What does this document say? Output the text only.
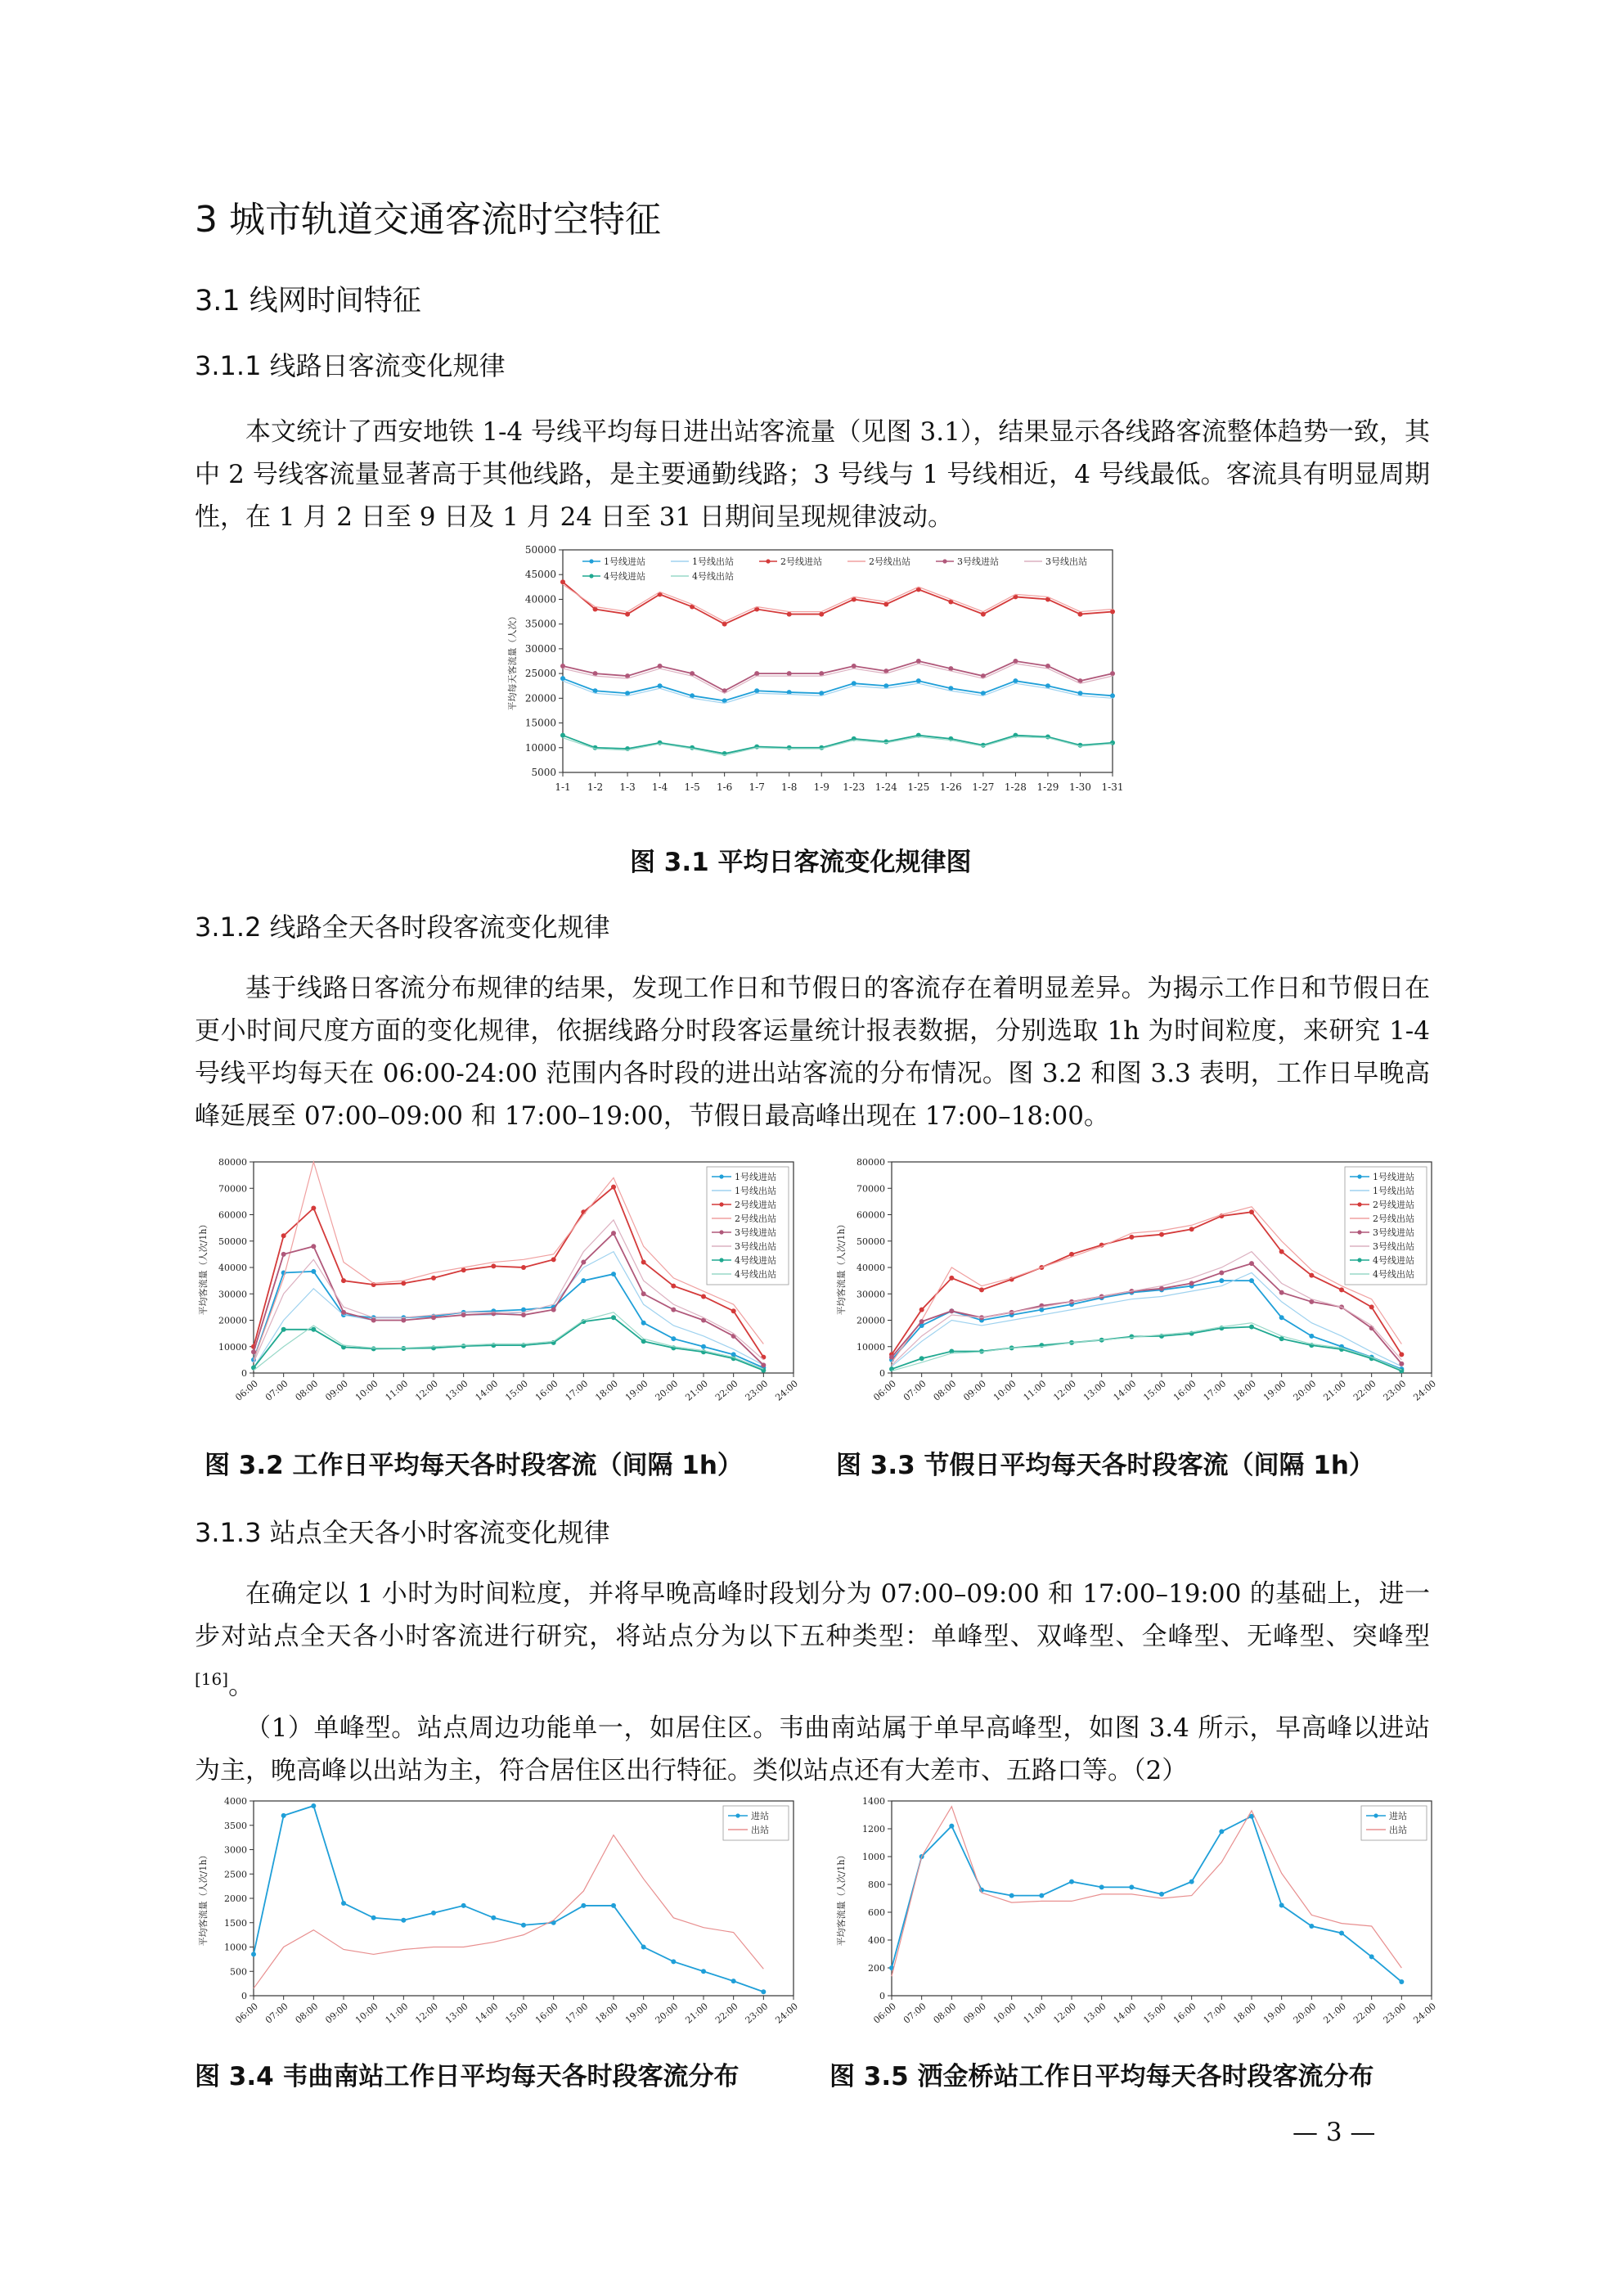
3 城市轨道交通客流时空特征
3.1 线网时间特征
3.1.1 线路日客流变化规律

本文统计了西安地铁 1-4 号线平均每日进出站客流量（见图 3.1），结果显示各线路客流整体趋势一致，其中 2 号线客流量显著高于其他线路，是主要通勤线路；3 号线与 1 号线相近，4 号线最低。客流具有明显周期性，在 1 月 2 日至 9 日及 1 月 24 日至 31 日期间呈现规律波动。

5000
10000
15000
20000
25000
30000
35000
40000
45000
50000
平均每天客流量（人次）
1-1 1-2 1-3 1-4 1-5 1-6 1-7 1-8 1-9 1-23 1-24 1-25 1-26 1-27 1-28 1-29 1-30 1-31
1号线进站	1号线出站	2号线进站	2号线出站	3号线进站	3号线出站
4号线进站	4号线出站
图 3.1 平均日客流变化规律图
3.1.2 线路全天各时段客流变化规律

基于线路日客流分布规律的结果，发现工作日和节假日的客流存在着明显差异。为揭示工作日和节假日在更小时间尺度方面的变化规律，依据线路分时段客运量统计报表数据，分别选取 1h 为时间粒度，来研究 1-4 号线平均每天在 06:00-24:00 范围内各时段的进出站客流的分布情况。图 3.2 和图 3.3 表明，工作日早晚高峰延展至 07:00–09:00 和 17:00–19:00，节假日最高峰出现在 17:00–18:00。

0
10000
20000
30000
40000
50000
60000
70000
80000
平均客流量（人次/1h）
06:00 07:00 08:00 09:00 10:00 11:00 12:00 13:00 14:00 15:00 16:00 17:00 18:00 19:00 20:00 21:00 22:00 23:00 24:00
1号线进站
1号线出站
2号线进站
2号线出站
3号线进站
3号线出站
4号线进站
4号线出站
0
10000
20000
30000
40000
50000
60000
70000
80000
平均客流量（人次/1h）
06:00 07:00 08:00 09:00 10:00 11:00 12:00 13:00 14:00 15:00 16:00 17:00 18:00 19:00 20:00 21:00 22:00 23:00 24:00
1号线进站
1号线出站
2号线进站
2号线出站
3号线进站
3号线出站
4号线进站
4号线出站
图 3.2 工作日平均每天各时段客流（间隔 1h）	图 3.3 节假日平均每天各时段客流（间隔 1h）
3.1.3 站点全天各小时客流变化规律

在确定以 1 小时为时间粒度，并将早晚高峰时段划分为 07:00–09:00 和 17:00–19:00 的基础上，进一步对站点全天各小时客流进行研究，将站点分为以下五种类型：单峰型、双峰型、全峰型、无峰型、突峰型[16]。

（1）单峰型。站点周边功能单一，如居住区。韦曲南站属于单早高峰型，如图 3.4 所示，早高峰以进站为主，晚高峰以出站为主，符合居住区出行特征。类似站点还有大差市、五路口等。（2）

0
500
1000
1500
2000
2500
3000
3500
4000
平均客流量（人次/1h）
06:00 07:00 08:00 09:00 10:00 11:00 12:00 13:00 14:00 15:00 16:00 17:00 18:00 19:00 20:00 21:00 22:00 23:00 24:00
进站
出站
0
200
400
600
800
1000
1200
1400
平均客流量（人次/1h）
06:00 07:00 08:00 09:00 10:00 11:00 12:00 13:00 14:00 15:00 16:00 17:00 18:00 19:00 20:00 21:00 22:00 23:00 24:00
进站
出站
图 3.4 韦曲南站工作日平均每天各时段客流分布	图 3.5 洒金桥站工作日平均每天各时段客流分布
— 3 —
